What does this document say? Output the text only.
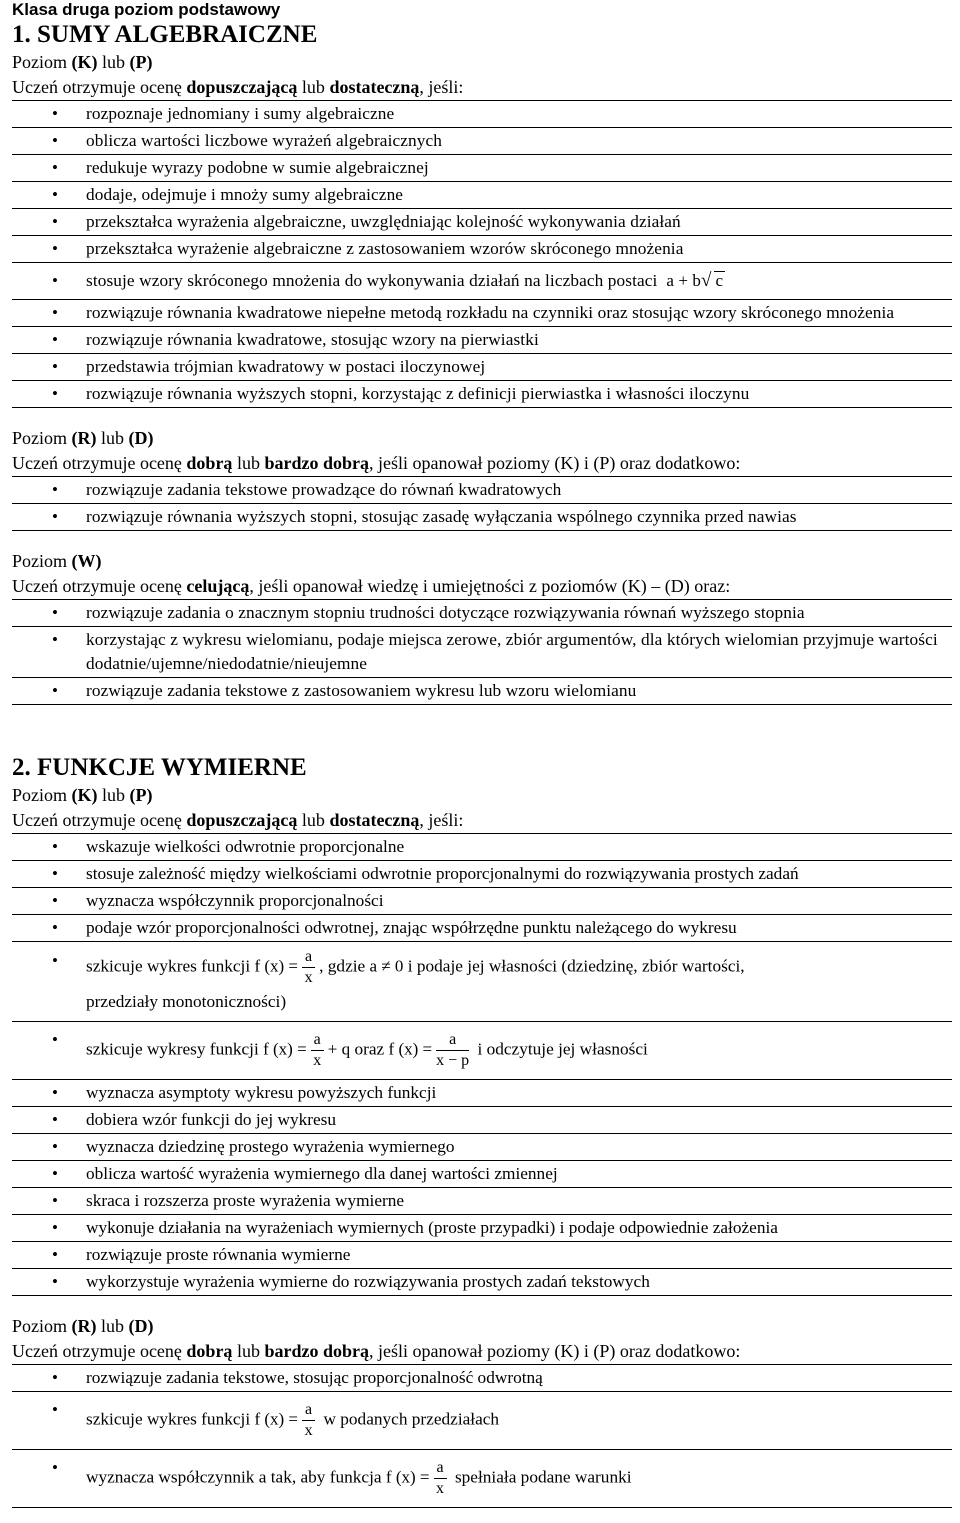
Klasa druga poziom podstawowy
1. SUMY ALGEBRAICZNE
Poziom (K) lub (P)
Uczeń otrzymuje ocenę dopuszczającą lub dostateczną, jeśli:
• rozpoznaje jednomiany i sumy algebraiczne
• oblicza wartości liczbowe wyrażeń algebraicznych
• redukuje wyrazy podobne w sumie algebraicznej
• dodaje, odejmuje i mnoży sumy algebraiczne
• przekształca wyrażenia algebraiczne, uwzględniając kolejność wykonywania działań
• przekształca wyrażenie algebraiczne z zastosowaniem wzorów skróconego mnożenia
• stosuje wzory skróconego mnożenia do wykonywania działań na liczbach postaci a + b√ c
• rozwiązuje równania kwadratowe niepełne metodą rozkładu na czynniki oraz stosując wzory skróconego mnożenia
• rozwiązuje równania kwadratowe, stosując wzory na pierwiastki
• przedstawia trójmian kwadratowy w postaci iloczynowej
• rozwiązuje równania wyższych stopni, korzystając z definicji pierwiastka i własności iloczynu
Poziom (R) lub (D)
Uczeń otrzymuje ocenę dobrą lub bardzo dobrą, jeśli opanował poziomy (K) i (P) oraz dodatkowo:
• rozwiązuje zadania tekstowe prowadzące do równań kwadratowych
• rozwiązuje równania wyższych stopni, stosując zasadę wyłączania wspólnego czynnika przed nawias
Poziom (W)
Uczeń otrzymuje ocenę celującą, jeśli opanował wiedzę i umiejętności z poziomów (K) – (D) oraz:
• rozwiązuje zadania o znacznym stopniu trudności dotyczące rozwiązywania równań wyższego stopnia
• korzystając z wykresu wielomianu, podaje miejsca zerowe, zbiór argumentów, dla których wielomian przyjmuje wartości dodatnie/ujemne/niedodatnie/nieujemne
• rozwiązuje zadania tekstowe z zastosowaniem wykresu lub wzoru wielomianu
2. FUNKCJE WYMIERNE
Poziom (K) lub (P)
Uczeń otrzymuje ocenę dopuszczającą lub dostateczną, jeśli:
• wskazuje wielkości odwrotnie proporcjonalne
• stosuje zależność między wielkościami odwrotnie proporcjonalnymi do rozwiązywania prostych zadań
• wyznacza współczynnik proporcjonalności
• podaje wzór proporcjonalności odwrotnej, znając współrzędne punktu należącego do wykresu
• szkicuje wykres funkcji f $(x) = \frac{a}{x}$ , gdzie a ≠ 0 i podaje jej własności (dziedzinę, zbiór wartości,
przedziały monotoniczności)
• szkicuje wykresy funkcji f $(x) = \frac{a}{x} + q$ oraz f $(x) = \frac{a}{x - p}$ i odczytuje jej własności
• wyznacza asymptoty wykresu powyższych funkcji
• dobiera wzór funkcji do jej wykresu
• wyznacza dziedzinę prostego wyrażenia wymiernego
• oblicza wartość wyrażenia wymiernego dla danej wartości zmiennej
• skraca i rozszerza proste wyrażenia wymierne
• wykonuje działania na wyrażeniach wymiernych (proste przypadki) i podaje odpowiednie założenia
• rozwiązuje proste równania wymierne
• wykorzystuje wyrażenia wymierne do rozwiązywania prostych zadań tekstowych
Poziom (R) lub (D)
Uczeń otrzymuje ocenę dobrą lub bardzo dobrą, jeśli opanował poziomy (K) i (P) oraz dodatkowo:
• rozwiązuje zadania tekstowe, stosując proporcjonalność odwrotną
• szkicuje wykres funkcji f $(x) = \frac{a}{x}$ w podanych przedziałach
• wyznacza współczynnik a tak, aby funkcja f $(x) = \frac{a}{x}$ spełniała podane warunki
